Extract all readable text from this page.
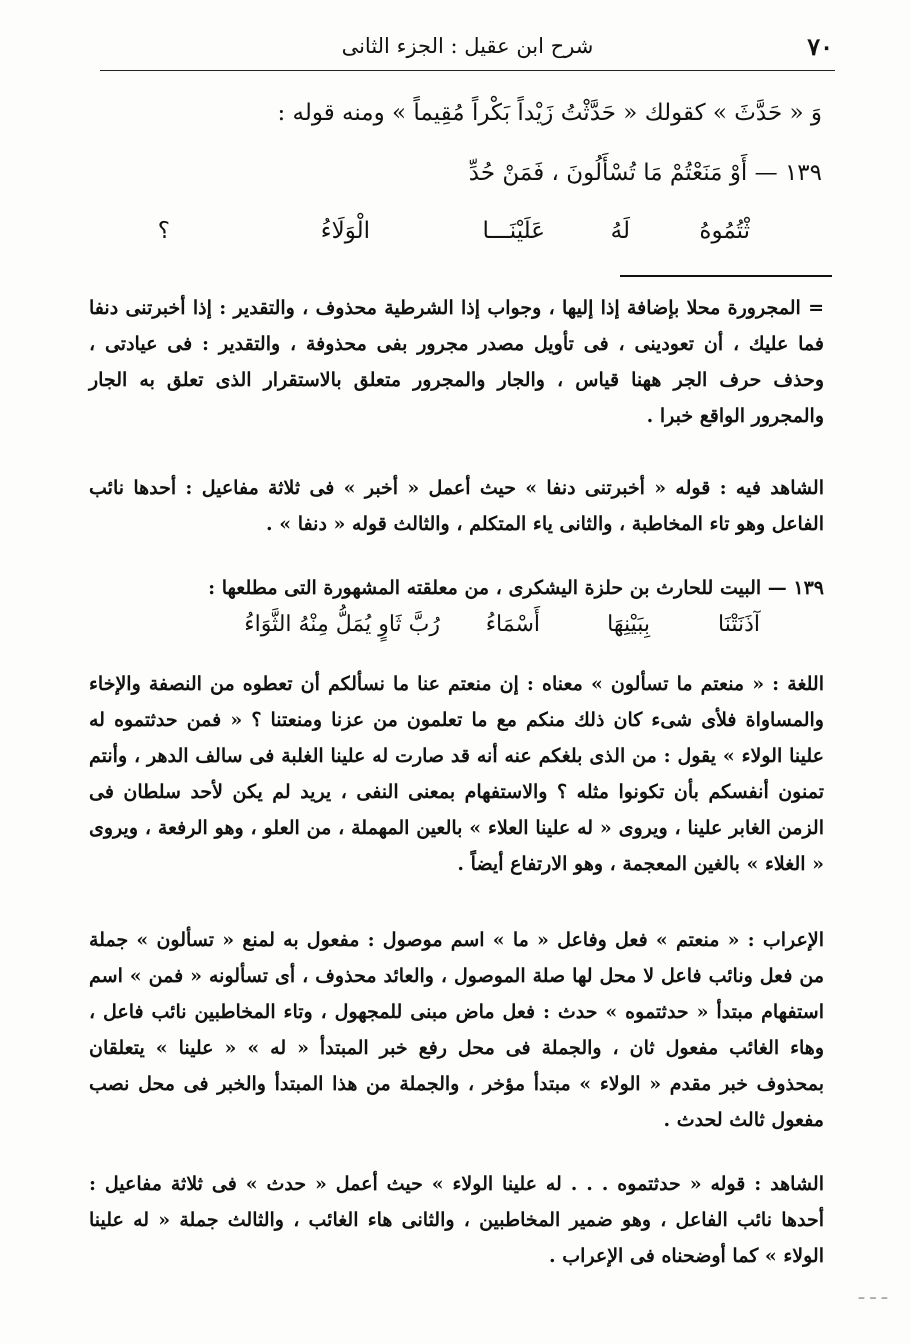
٧٠
شرح ابن عقيل : الجزء الثانى
وَ « حَدَّثَ » كقولك « حَدَّثْتُ زَيْداً بَكْراً مُقِيماً » ومنه قوله :
١٣٩ — أَوْ مَنَعْتُمْ مَا تُسْأَلُونَ ، فَمَنْ حُدِّ
ثْتُمُوهُ
لَهُ
عَلَيْنَـــا
الْوَلَاءُ
؟

= المجرورة محلا بإضافة إذا إليها ، وجواب إذا الشرطية محذوف ، والتقدير : إذا أخبرتنى دنفا فما عليك ، أن تعودينى ، فى تأويل مصدر مجرور بفى محذوفة ، والتقدير : فى عيادتى ، وحذف حرف الجر ههنا قياس ، والجار والمجرور متعلق بالاستقرار الذى تعلق به الجار والمجرور الواقع خبرا .

الشاهد فيه : قوله « أخبرتنى دنفا » حيث أعمل « أخبر » فى ثلاثة مفاعيل : أحدها نائب الفاعل وهو تاء المخاطبة ، والثانى ياء المتكلم ، والثالث قوله « دنفا » .

١٣٩ — البيت للحارث بن حلزة اليشكرى ، من معلقته المشهورة التى مطلعها :

آذَنَتْنَا
بِبَيْنِهَا
أَسْمَاءُ
رُبَّ ثَاوٍ يُمَلُّ مِنْهُ الثَّوَاءُ

اللغة : « منعتم ما تسألون » معناه : إن منعتم عنا ما نسألكم أن تعطوه من النصفة والإخاء والمساواة فلأى شىء كان ذلك منكم مع ما تعلمون من عزنا ومنعتنا ؟ « فمن حدثتموه له علينا الولاء » يقول : من الذى بلغكم عنه أنه قد صارت له علينا الغلبة فى سالف الدهر ، وأنتم تمنون أنفسكم بأن تكونوا مثله ؟ والاستفهام بمعنى النفى ، يريد لم يكن لأحد سلطان فى الزمن الغابر علينا ، ويروى « له علينا العلاء » بالعين المهملة ، من العلو ، وهو الرفعة ، ويروى « الغلاء » بالغين المعجمة ، وهو الارتفاع أيضاً .

الإعراب : « منعتم » فعل وفاعل « ما » اسم موصول : مفعول به لمنع « تسألون » جملة من فعل ونائب فاعل لا محل لها صلة الموصول ، والعائد محذوف ، أى تسألونه « فمن » اسم استفهام مبتدأ « حدثتموه » حدث : فعل ماض مبنى للمجهول ، وتاء المخاطبين نائب فاعل ، وهاء الغائب مفعول ثان ، والجملة فى محل رفع خبر المبتدأ « له » « علينا » يتعلقان بمحذوف خبر مقدم « الولاء » مبتدأ مؤخر ، والجملة من هذا المبتدأ والخبر فى محل نصب مفعول ثالث لحدث .

الشاهد : قوله « حدثتموه . . . له علينا الولاء » حيث أعمل « حدث » فى ثلاثة مفاعيل : أحدها نائب الفاعل ، وهو ضمير المخاطبين ، والثانى هاء الغائب ، والثالث جملة « له علينا الولاء » كما أوضحناه فى الإعراب .

– – –
